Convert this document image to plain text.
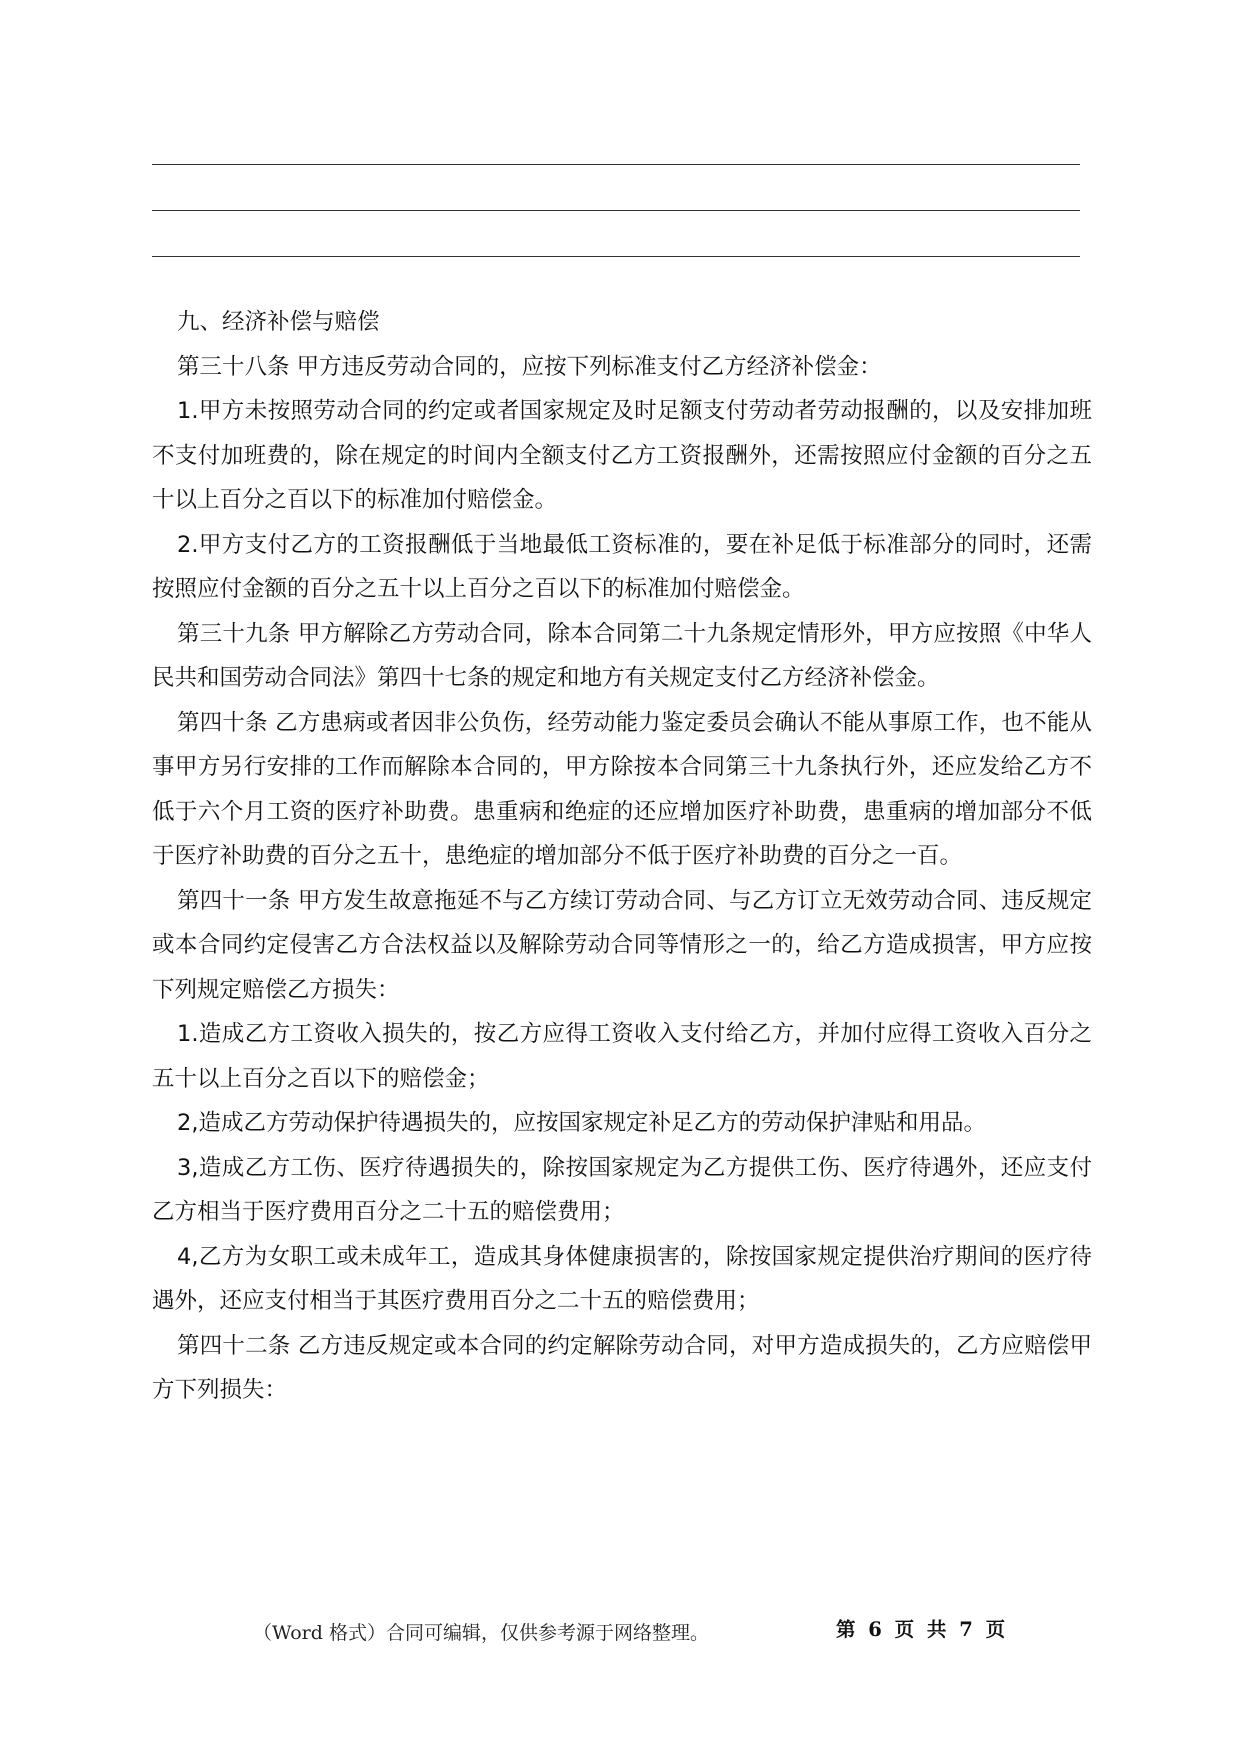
九、经济补偿与赔偿

第三十八条 甲方违反劳动合同的，应按下列标准支付乙方经济补偿金：

1.甲方未按照劳动合同的约定或者国家规定及时足额支付劳动者劳动报酬的，以及安排加班不支付加班费的，除在规定的时间内全额支付乙方工资报酬外，还需按照应付金额的百分之五十以上百分之百以下的标准加付赔偿金。

2.甲方支付乙方的工资报酬低于当地最低工资标准的，要在补足低于标准部分的同时，还需按照应付金额的百分之五十以上百分之百以下的标准加付赔偿金。

第三十九条 甲方解除乙方劳动合同，除本合同第二十九条规定情形外，甲方应按照《中华人民共和国劳动合同法》第四十七条的规定和地方有关规定支付乙方经济补偿金。

第四十条 乙方患病或者因非公负伤，经劳动能力鉴定委员会确认不能从事原工作，也不能从事甲方另行安排的工作而解除本合同的，甲方除按本合同第三十九条执行外，还应发给乙方不低于六个月工资的医疗补助费。患重病和绝症的还应增加医疗补助费，患重病的增加部分不低于医疗补助费的百分之五十，患绝症的增加部分不低于医疗补助费的百分之一百。

第四十一条 甲方发生故意拖延不与乙方续订劳动合同、与乙方订立无效劳动合同、违反规定或本合同约定侵害乙方合法权益以及解除劳动合同等情形之一的，给乙方造成损害，甲方应按下列规定赔偿乙方损失：

1.造成乙方工资收入损失的，按乙方应得工资收入支付给乙方，并加付应得工资收入百分之五十以上百分之百以下的赔偿金；

2,造成乙方劳动保护待遇损失的，应按国家规定补足乙方的劳动保护津贴和用品。

3,造成乙方工伤、医疗待遇损失的，除按国家规定为乙方提供工伤、医疗待遇外，还应支付乙方相当于医疗费用百分之二十五的赔偿费用；

4,乙方为女职工或未成年工，造成其身体健康损害的，除按国家规定提供治疗期间的医疗待遇外，还应支付相当于其医疗费用百分之二十五的赔偿费用；

第四十二条 乙方违反规定或本合同的约定解除劳动合同，对甲方造成损失的，乙方应赔偿甲方下列损失：

（Word 格式）合同可编辑，仅供参考源于网络整理。	第 6 页 共 7 页
